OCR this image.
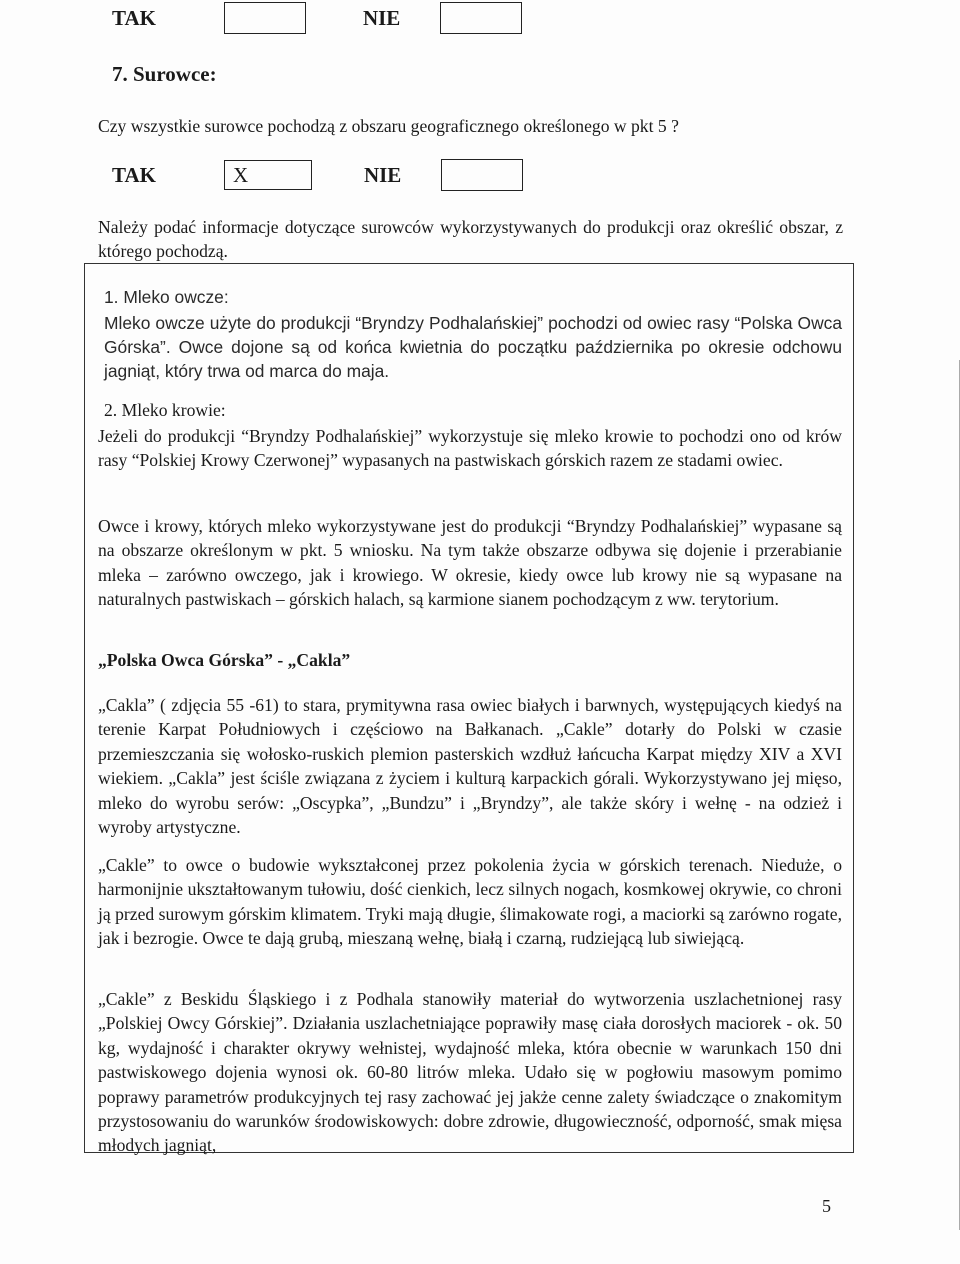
TAK	NIE
7. Surowce:
Czy wszystkie surowce pochodzą z obszaru geograficznego określonego w pkt 5 ?
TAK	X	NIE

Należy podać informacje dotyczące surowców wykorzystywanych do produkcji oraz określić obszar, z którego pochodzą.

1. Mleko owcze:

Mleko owcze użyte do produkcji “Bryndzy Podhalańskiej” pochodzi od owiec rasy “Polska Owca Górska”. Owce dojone są od końca kwietnia do początku października po okresie odchowu jagniąt, który trwa od marca do maja.

2. Mleko krowie:

Jeżeli do produkcji “Bryndzy Podhalańskiej” wykorzystuje się mleko krowie to pochodzi ono od krów rasy “Polskiej Krowy Czerwonej” wypasanych na pastwiskach górskich razem ze stadami owiec.

Owce i krowy, których mleko wykorzystywane jest do produkcji “Bryndzy Podhalańskiej” wypasane są na obszarze określonym w pkt. 5 wniosku. Na tym także obszarze odbywa się dojenie i przerabianie mleka – zarówno owczego, jak i krowiego. W okresie, kiedy owce lub krowy nie są wypasane na naturalnych pastwiskach – górskich halach, są karmione sianem pochodzącym z ww. terytorium.

„Polska Owca Górska” - „Cakla”

„Cakla” ( zdjęcia 55 -61) to stara, prymitywna rasa owiec białych i barwnych, występujących kiedyś na terenie Karpat Południowych i częściowo na Bałkanach. „Cakle” dotarły do Polski w czasie przemieszczania się wołosko-ruskich plemion pasterskich wzdłuż łańcucha Karpat między XIV a XVI wiekiem. „Cakla” jest ściśle związana z życiem i kulturą karpackich górali. Wykorzystywano jej mięso, mleko do wyrobu serów: „Oscypka”, „Bundzu” i „Bryndzy”, ale także skóry i wełnę - na odzież i wyroby artystyczne.

„Cakle” to owce o budowie wykształconej przez pokolenia życia w górskich terenach. Nieduże, o harmonijnie ukształtowanym tułowiu, dość cienkich, lecz silnych nogach, kosmkowej okrywie, co chroni ją przed surowym górskim klimatem. Tryki mają długie, ślimakowate rogi, a maciorki są zarówno rogate, jak i bezrogie. Owce te dają grubą, mieszaną wełnę, białą i czarną, rudziejącą lub siwiejącą.

„Cakle” z Beskidu Śląskiego i z Podhala stanowiły materiał do wytworzenia uszlachetnionej rasy „Polskiej Owcy Górskiej”. Działania uszlachetniające poprawiły masę ciała dorosłych maciorek - ok. 50 kg, wydajność i charakter okrywy wełnistej, wydajność mleka, która obecnie w warunkach 150 dni pastwiskowego dojenia wynosi ok. 60-80 litrów mleka. Udało się w pogłowiu masowym pomimo poprawy parametrów produkcyjnych tej rasy zachować jej jakże cenne zalety świadczące o znakomitym przystosowaniu do warunków środowiskowych: dobre zdrowie, długowieczność, odporność, smak mięsa młodych jagniąt,

5
